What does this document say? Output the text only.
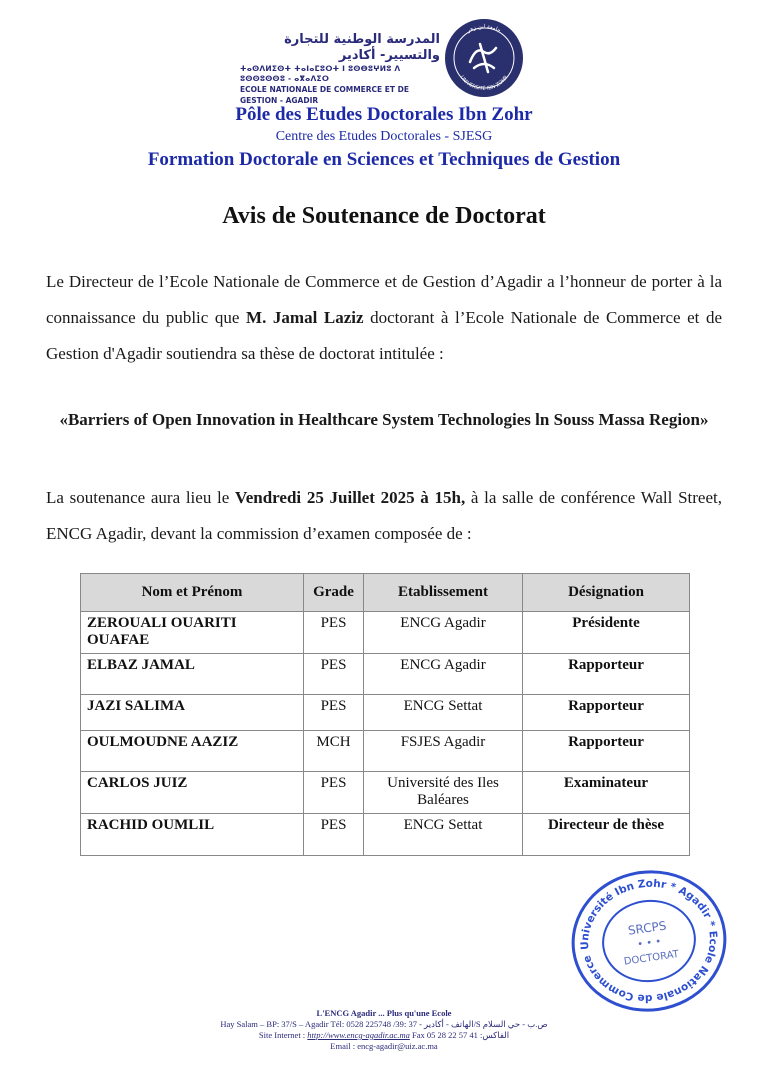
المدرسة الوطنية للتجارة والتسيير- أكادير
ⵜⴰⵙⴷⵍⵉⵙⵜ ⵜⴰⵏⴰⵎⵓⵔⵜ ⵏ ⵓⵙⴱⵓⵖⵍⵓ ⴷ ⵓⵙⵙⵓⵙⵙⵓ - ⴰⴳⴰⴷⵉⵔ
ECOLE NATIONALE DE COMMERCE ET DE GESTION - AGADIR
جامعة ابن زهر
UNIVERSITÉ IBN ZOHR
Pôle des Etudes Doctorales Ibn Zohr
Centre des Etudes Doctorales - SJESG
Formation Doctorale en Sciences et Techniques de Gestion
Avis de Soutenance de Doctorat
Le Directeur de l’Ecole Nationale de Commerce et de Gestion d’Agadir a l’honneur de porter à la connaissance du public que M. Jamal Laziz doctorant à l’Ecole Nationale de Commerce et de Gestion d'Agadir soutiendra sa thèse de doctorat intitulée :
«Barriers of Open Innovation in Healthcare System Technologies ln Souss Massa Region»
La soutenance aura lieu le Vendredi 25 Juillet 2025 à 15h, à la salle de conférence Wall Street, ENCG Agadir, devant la commission d’examen composée de :
Nom et Prénom	Grade	Etablissement	Désignation
ZEROUALI OUARITI OUAFAE	PES	ENCG Agadir	Présidente
ELBAZ JAMAL	PES	ENCG Agadir	Rapporteur
JAZI SALIMA	PES	ENCG Settat	Rapporteur
OULMOUDNE AAZIZ	MCH	FSJES Agadir	Rapporteur
CARLOS JUIZ	PES	Université des Iles Baléares	Examinateur
RACHID OUMLIL	PES	ENCG Settat	Directeur de thèse
Université Ibn Zohr * Agadir * Ecole Nationale de Commerce
SRCPS
• • •
DOCTORAT
L'ENCG Agadir ... Plus qu'une Ecole
Hay Salam – BP: 37/S – Agadir Tél: 0528 225748 /39: الهاتف - أكادير - 37/S ص.ب - حي السلام
Site Internet : http://www.encg-agadir.ac.ma Fax 05 28 22 57 41 :الفاكس
Email : encg-agadir@uiz.ac.ma
